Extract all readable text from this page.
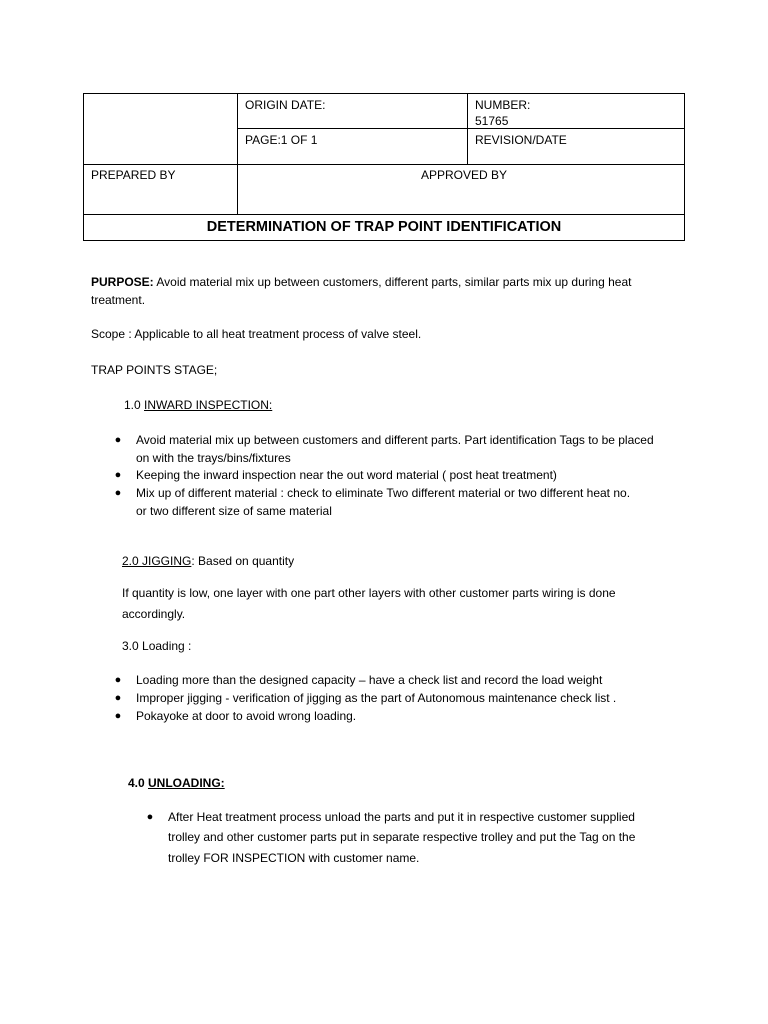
ORIGIN DATE:	NUMBER:
51765
PAGE:1 OF 1	REVISION/DATE
PREPARED BY	APPROVED BY
DETERMINATION OF TRAP POINT IDENTIFICATION
PURPOSE: Avoid material mix up between customers, different parts, similar parts mix up during heat
treatment.
Scope : Applicable to all heat treatment process of valve steel.
TRAP POINTS STAGE;
1.0 INWARD INSPECTION:
● Avoid material mix up between customers and different parts. Part identification Tags to be placed
on with the trays/bins/fixtures
● Keeping the inward inspection near the out word material ( post heat treatment)
● Mix up of different material : check to eliminate Two different material or two different heat no.
or two different size of same material
2.0 JIGGING: Based on quantity
If quantity is low, one layer with one part other layers with other customer parts wiring is done
accordingly.
3.0 Loading :
● Loading more than the designed capacity – have a check list and record the load weight
● Improper jigging - verification of jigging as the part of Autonomous maintenance check list .
● Pokayoke at door to avoid wrong loading.
4.0 UNLOADING:
● After Heat treatment process unload the parts and put it in respective customer supplied
trolley and other customer parts put in separate respective trolley and put the Tag on the
trolley FOR INSPECTION with customer name.
